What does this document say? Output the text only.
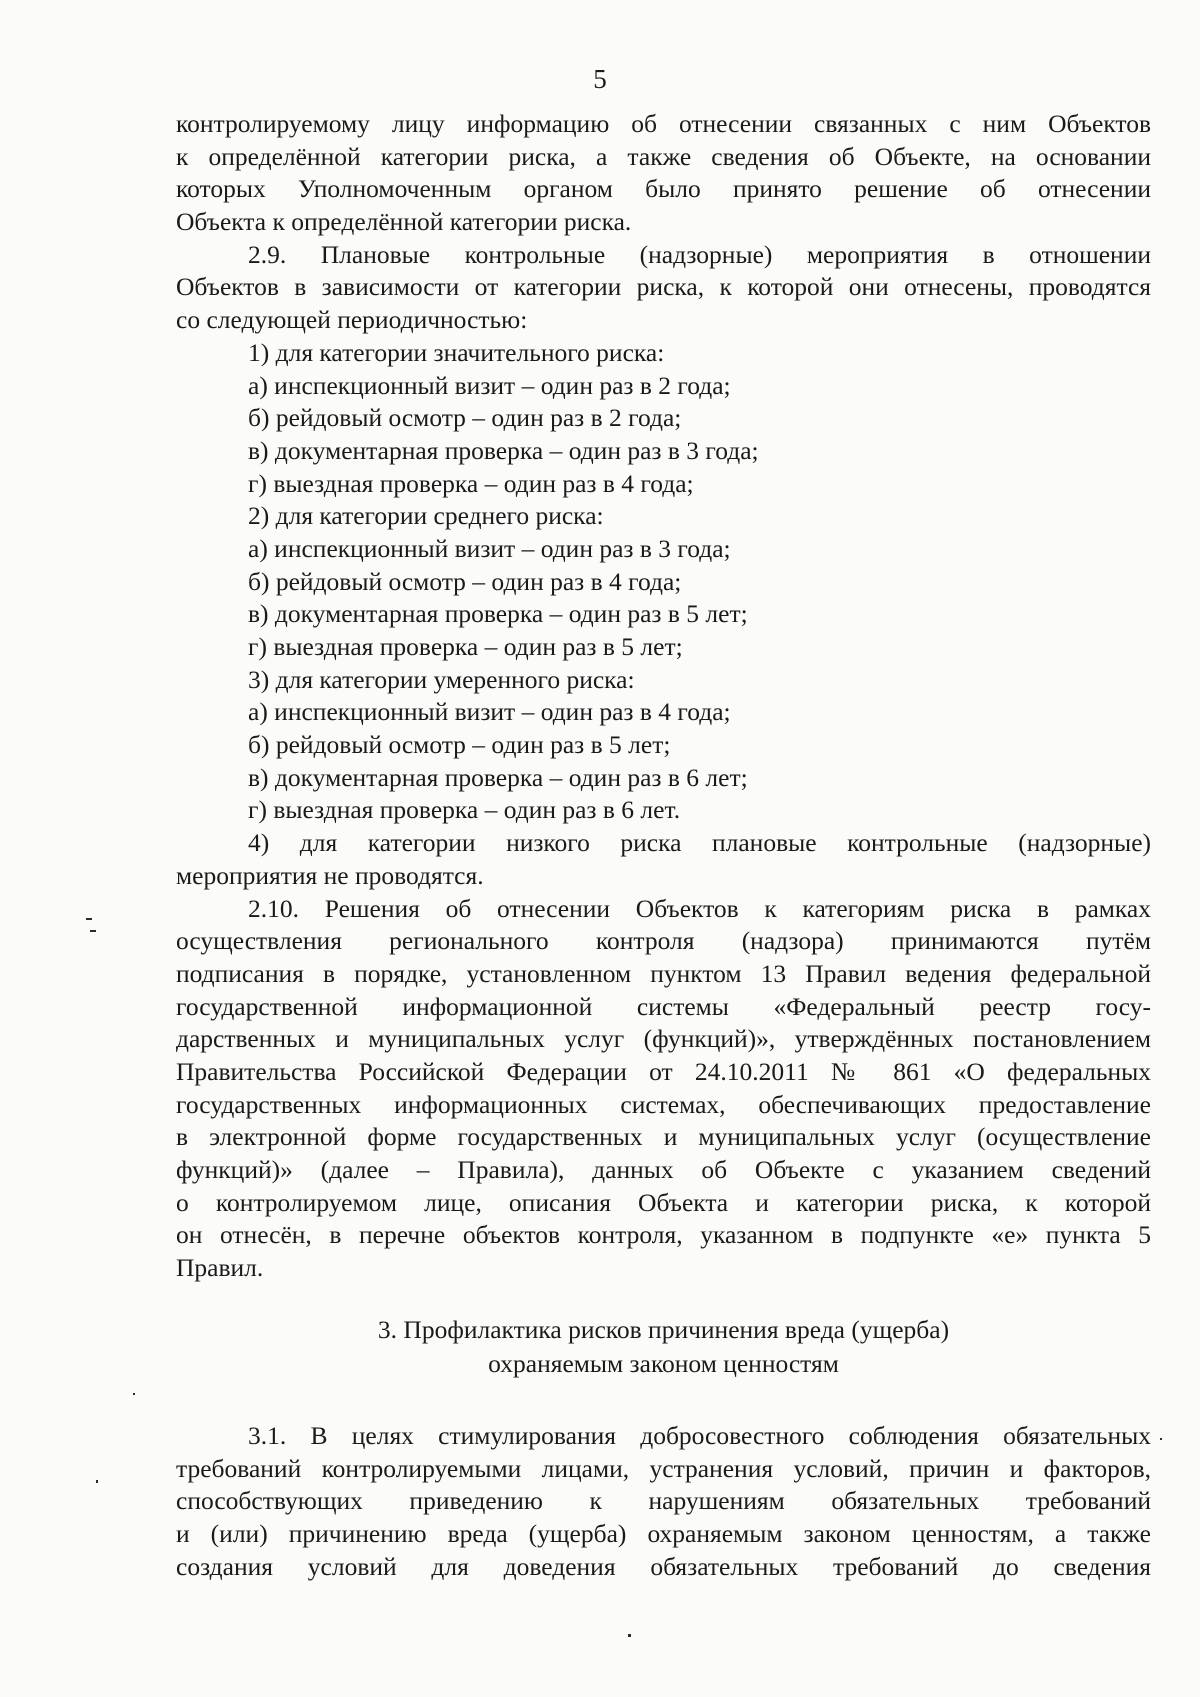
5
контролируемому лицу информацию об отнесении связанных с ним Объектов
к определённой категории риска, а также сведения об Объекте, на основании
которых Уполномоченным органом было принято решение об отнесении
Объекта к определённой категории риска.
2.9. Плановые контрольные (надзорные) мероприятия в отношении
Объектов в зависимости от категории риска, к которой они отнесены, проводятся
со следующей периодичностью:
1) для категории значительного риска:
а) инспекционный визит – один раз в 2 года;
б) рейдовый осмотр – один раз в 2 года;
в) документарная проверка – один раз в 3 года;
г) выездная проверка – один раз в 4 года;
2) для категории среднего риска:
а) инспекционный визит – один раз в 3 года;
б) рейдовый осмотр – один раз в 4 года;
в) документарная проверка – один раз в 5 лет;
г) выездная проверка – один раз в 5 лет;
3) для категории умеренного риска:
а) инспекционный визит – один раз в 4 года;
б) рейдовый осмотр – один раз в 5 лет;
в) документарная проверка – один раз в 6 лет;
г) выездная проверка – один раз в 6 лет.
4) для категории низкого риска плановые контрольные (надзорные)
мероприятия не проводятся.
2.10. Решения об отнесении Объектов к категориям риска в рамках
осуществления регионального контроля (надзора) принимаются путём
подписания в порядке, установленном пунктом 13 Правил ведения федеральной
государственной информационной системы «Федеральный реестр госу-
дарственных и муниципальных услуг (функций)», утверждённых постановлением
Правительства Российской Федерации от 24.10.2011 № 861 «О федеральных
государственных информационных системах, обеспечивающих предоставление
в электронной форме государственных и муниципальных услуг (осуществление
функций)» (далее – Правила), данных об Объекте с указанием сведений
о контролируемом лице, описания Объекта и категории риска, к которой
он отнесён, в перечне объектов контроля, указанном в подпункте «е» пункта 5
Правил.
3. Профилактика рисков причинения вреда (ущерба)
охраняемым законом ценностям
3.1. В целях стимулирования добросовестного соблюдения обязательных
требований контролируемыми лицами, устранения условий, причин и факторов,
способствующих приведению к нарушениям обязательных требований
и (или) причинению вреда (ущерба) охраняемым законом ценностям, а также
создания условий для доведения обязательных требований до сведения
